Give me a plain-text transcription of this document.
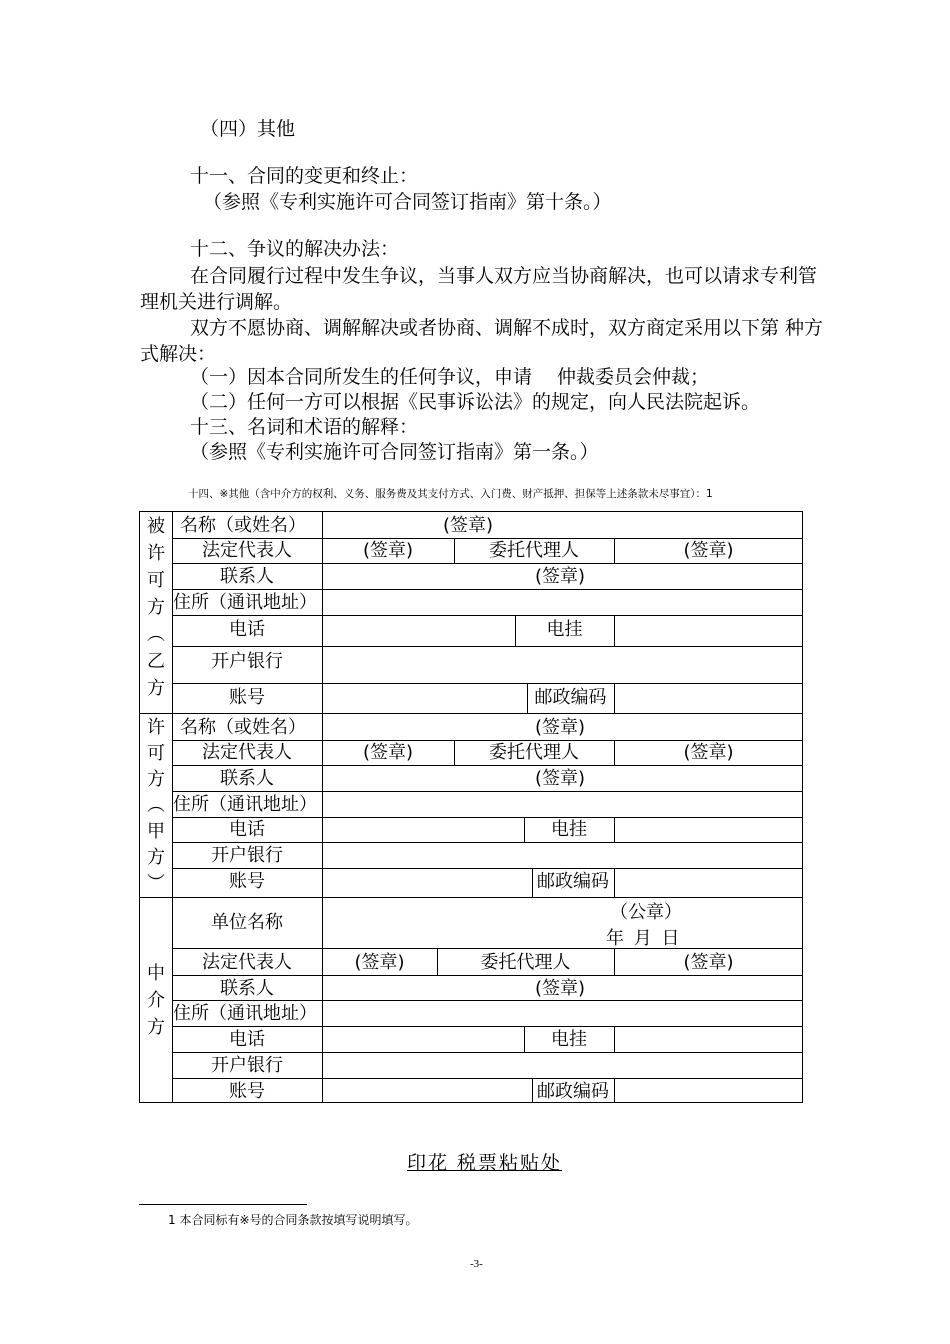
（四）其他
十一、合同的变更和终止：
（参照《专利实施许可合同签订指南》第十条。）
十二、争议的解决办法：
在合同履行过程中发生争议，当事人双方应当协商解决，也可以请求专利管
理机关进行调解。
双方不愿协商、调解解决或者协商、调解不成时，双方商定采用以下第 种方
式解决：
（一）因本合同所发生的任何争议，申请 　仲裁委员会仲裁；
（二）任何一方可以根据《民事诉讼法》的规定，向人民法院起诉。
十三、名词和术语的解释：
（参照《专利实施许可合同签订指南》第一条。）
十四、※其他（含中介方的权利、义务、服务费及其支付方式、入门费、财产抵押、担保等上述条款未尽事宜）：1
被
许
可
方
︵
乙
方
名称（或姓名）	(签章)
法定代表人	(签章)	委托代理人	(签章)
联系人	(签章)
住所（通讯地址）
电话	电挂
开户银行
账号	邮政编码
许
可
方
︵
甲
方
︶
名称（或姓名）	(签章)
法定代表人	(签章)	委托代理人	(签章)
联系人	(签章)
住所（通讯地址）
电话	电挂
开户银行
账号	邮政编码
中
介
方
单位名称	（公章）
年 月 日
法定代表人	(签章)	委托代理人	(签章)
联系人	(签章)
住所（通讯地址）
电话	电挂
开户银行
账号	邮政编码
印花 税票粘贴处
1 本合同标有※号的合同条款按填写说明填写。
-3-
